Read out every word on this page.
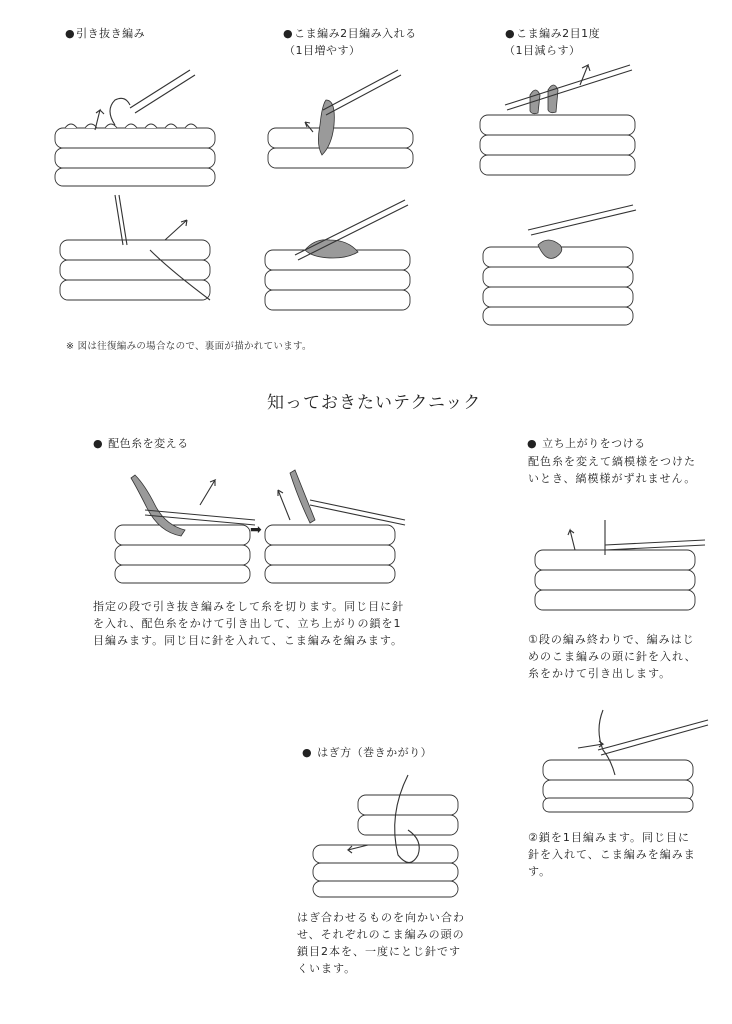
●引き抜き編み	●こま編み2目編み入れる
（1目増やす）
●こま編み2目1度
（1目減らす）
※ 図は往復編みの場合なので、裏面が描かれています。
知っておきたいテクニック
● 配色糸を変える
➡
指定の段で引き抜き編みをして糸を切ります。同じ目に針
を入れ、配色糸をかけて引き出して、立ち上がりの鎖を1
目編みます。同じ目に針を入れて、こま編みを編みます。
● 立ち上がりをつける
配色糸を変えて縞模様をつけた
いとき、縞模様がずれません。
①段の編み終わりで、編みはじ
めのこま編みの頭に針を入れ、
糸をかけて引き出します。
②鎖を1目編みます。同じ目に
針を入れて、こま編みを編みま
す。
● はぎ方（巻きかがり）
はぎ合わせるものを向かい合わ
せ、それぞれのこま編みの頭の
鎖目2本を、一度にとじ針です
くいます。
